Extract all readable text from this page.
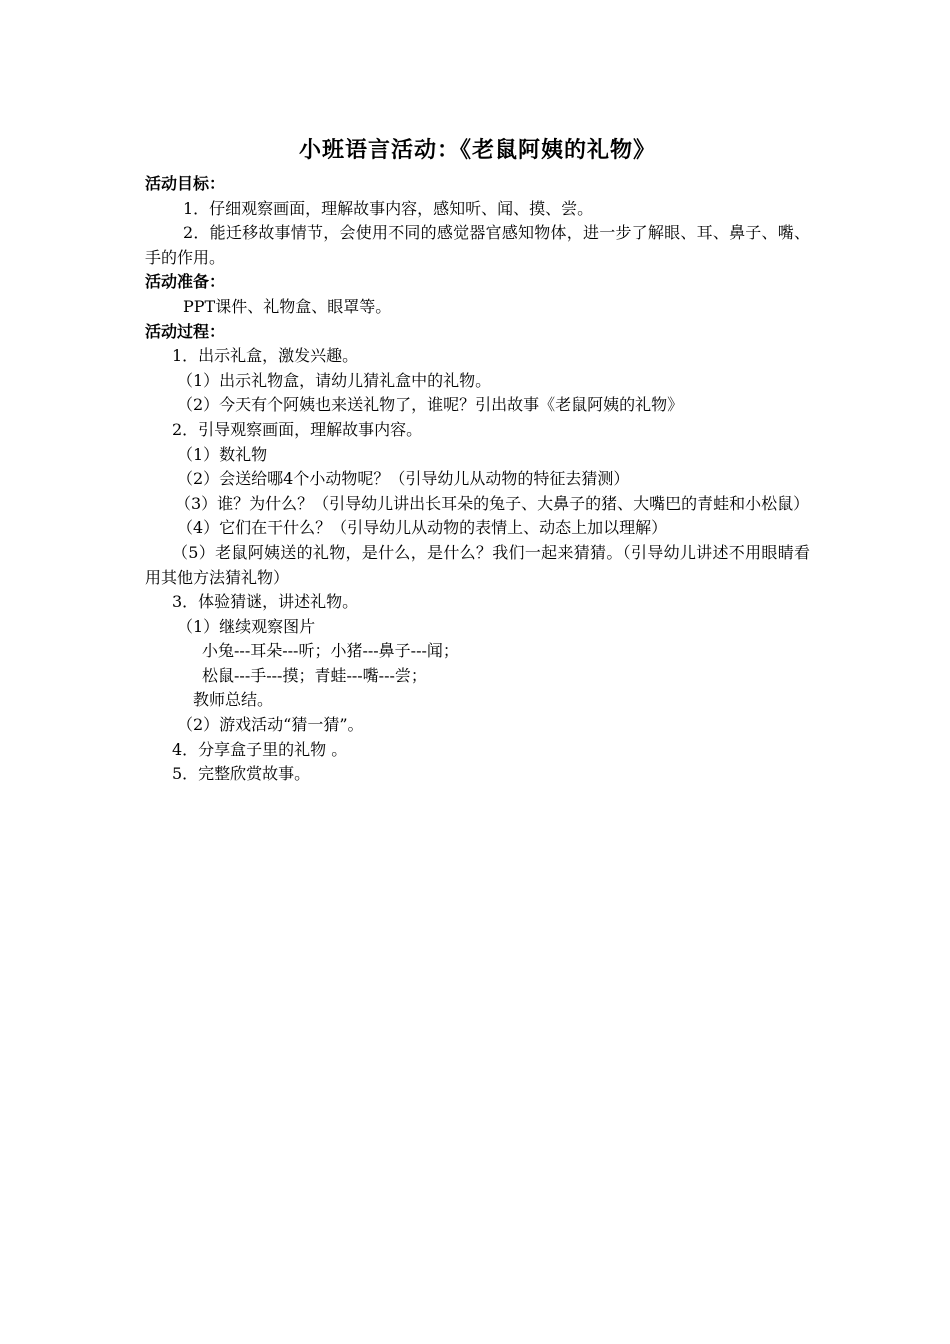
小班语言活动：《老鼠阿姨的礼物》
活动目标：
1．仔细观察画面，理解故事内容，感知听、闻、摸、尝。
2．能迁移故事情节，会使用不同的感觉器官感知物体，进一步了解眼、耳、鼻子、嘴、手的作用。
活动准备：
PPT课件、礼物盒、眼罩等。
活动过程：
1．出示礼盒，激发兴趣。
（1）出示礼物盒，请幼儿猜礼盒中的礼物。
（2）今天有个阿姨也来送礼物了，谁呢？引出故事《老鼠阿姨的礼物》
2．引导观察画面，理解故事内容。
（1）数礼物
（2）会送给哪4个小动物呢？（引导幼儿从动物的特征去猜测）
（3）谁？为什么？（引导幼儿讲出长耳朵的兔子、大鼻子的猪、大嘴巴的青蛙和小松鼠）
（4）它们在干什么？（引导幼儿从动物的表情上、动态上加以理解）
（5）老鼠阿姨送的礼物，是什么，是什么？我们一起来猜猜。（引导幼儿讲述不用眼睛看用其他方法猜礼物）
3．体验猜谜，讲述礼物。
（1）继续观察图片
小兔---耳朵---听；小猪---鼻子---闻；
松鼠---手---摸；青蛙---嘴---尝；
教师总结。
（2）游戏活动“猜一猜”。
4．分享盒子里的礼物 。
5．完整欣赏故事。
